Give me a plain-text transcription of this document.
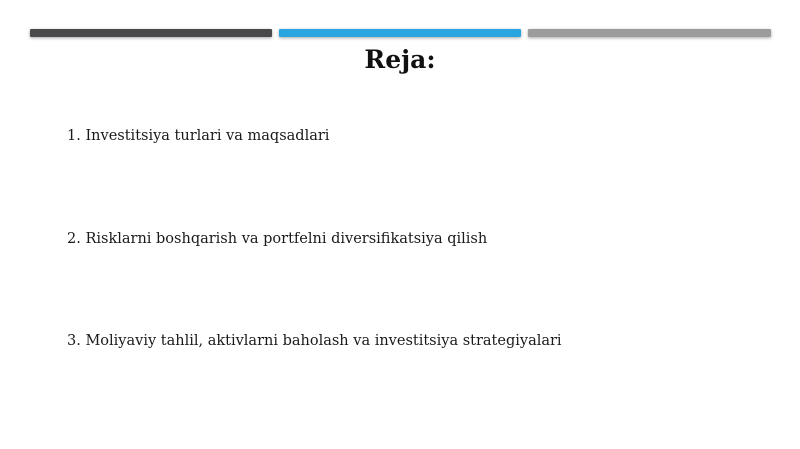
Reja:
1. Investitsiya turlari va maqsadlari
2. Risklarni boshqarish va portfelni diversifikatsiya qilish
3. Moliyaviy tahlil, aktivlarni baholash va investitsiya strategiyalari
